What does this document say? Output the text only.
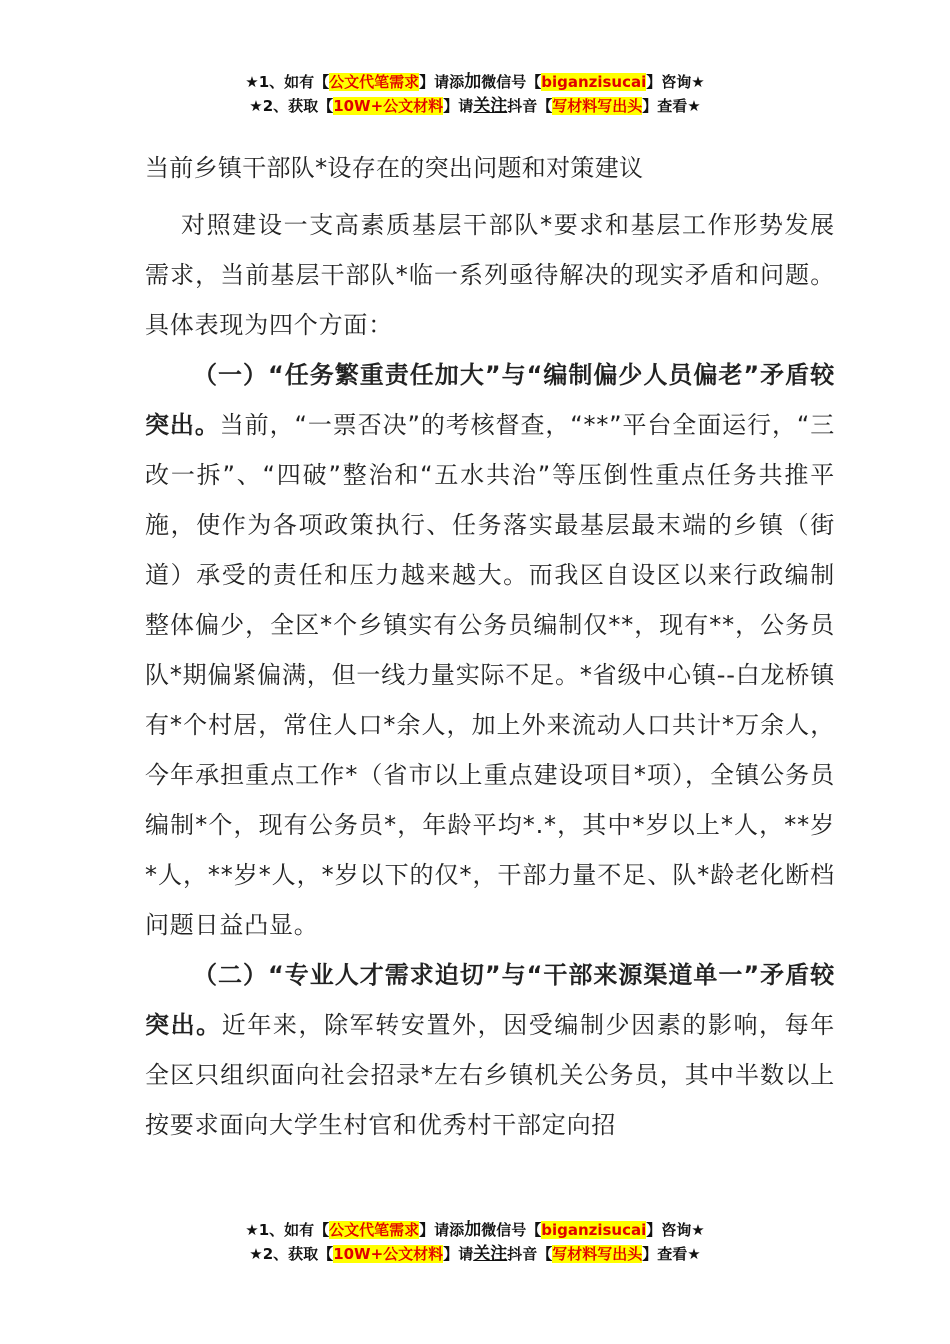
★1、如有【公文代笔需求】请添加微信号【biganzisucai】咨询★
★2、获取【10W+公文材料】请关注抖音【写材料写出头】查看★

当前乡镇干部队*设存在的突出问题和对策建议

对照建设一支高素质基层干部队*要求和基层工作形势发展需求，当前基层干部队*临一系列亟待解决的现实矛盾和问题。具体表现为四个方面：

（一）“任务繁重责任加大”与“编制偏少人员偏老”矛盾较突出。当前，“一票否决”的考核督查，“**”平台全面运行，“三改一拆”、“四破”整治和“五水共治”等压倒性重点任务共推平施，使作为各项政策执行、任务落实最基层最末端的乡镇（街道）承受的责任和压力越来越大。而我区自设区以来行政编制整体偏少，全区*个乡镇实有公务员编制仅**，现有**，公务员队*期偏紧偏满，但一线力量实际不足。*省级中心镇--白龙桥镇有*个村居，常住人口*余人，加上外来流动人口共计*万余人，今年承担重点工作*（省市以上重点建设项目*项），全镇公务员编制*个，现有公务员*，年龄平均*.*，其中*岁以上*人，**岁*人，**岁*人，*岁以下的仅*，干部力量不足、队*龄老化断档问题日益凸显。

（二）“专业人才需求迫切”与“干部来源渠道单一”矛盾较突出。近年来，除军转安置外，因受编制少因素的影响，每年全区只组织面向社会招录*左右乡镇机关公务员，其中半数以上按要求面向大学生村官和优秀村干部定向招

★1、如有【公文代笔需求】请添加微信号【biganzisucai】咨询★
★2、获取【10W+公文材料】请关注抖音【写材料写出头】查看★
